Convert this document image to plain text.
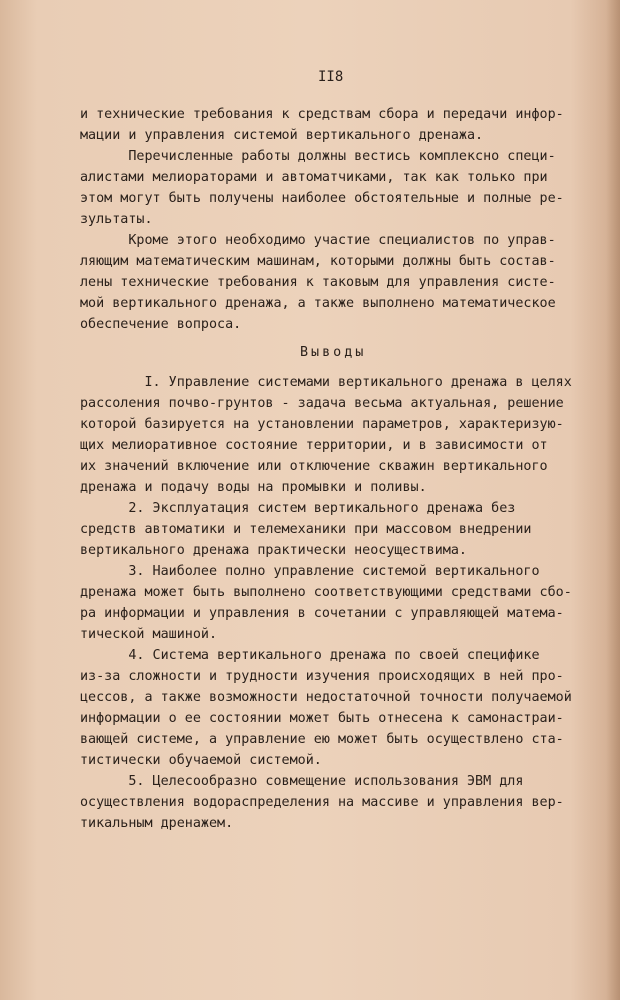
II8
и технические требования к средствам сбора и передачи инфор-
мации и управления системой вертикального дренажа.
Перечисленные работы должны вестись комплексно специ-
алистами мелиораторами и автоматчиками, так как только при
этом могут быть получены наиболее обстоятельные и полные ре-
зультаты.
Кроме этого необходимо участие специалистов по управ-
ляющим математическим машинам, которыми должны быть состав-
лены технические требования к таковым для управления систе-
мой вертикального дренажа, а также выполнено математическое
обеспечение вопроса.
I. Управление системами вертикального дренажа в целях
рассоления почво-грунтов - задача весьма актуальная, решение
которой базируется на установлении параметров, характеризую-
щих мелиоративное состояние территории, и в зависимости от
их значений включение или отключение скважин вертикального
дренажа и подачу воды на промывки и поливы.
2. Эксплуатация систем вертикального дренажа без
средств автоматики и телемеханики при массовом внедрении
вертикального дренажа практически неосуществима.
3. Наиболее полно управление системой вертикального
дренажа может быть выполнено соответствующими средствами сбо-
ра информации и управления в сочетании с управляющей матема-
тической машиной.
4. Система вертикального дренажа по своей специфике
из-за сложности и трудности изучения происходящих в ней про-
цессов, а также возможности недостаточной точности получаемой
информации о ее состоянии может быть отнесена к самонастраи-
вающей системе, а управление ею может быть осуществлено ста-
тистически обучаемой системой.
5. Целесообразно совмещение использования ЭВМ для
осуществления водораспределения на массиве и управления вер-
тикальным дренажем.
Выводы
